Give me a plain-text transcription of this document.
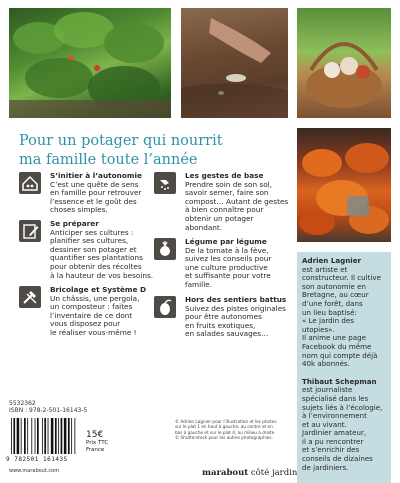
Pour un potager qui nourrit
ma famille toute l’année
S’initier à l’autonomie
C’est une quête de sens
en famille pour retrouver
l’essence et le goût des
choses simples.
Se préparer
Anticiper ses cultures :
planifier ses cultures,
dessiner son potager et
quantifier ses plantations
pour obtenir des récoltes
à la hauteur de vos besoins.
Bricolage et Système D
Un châssis, une pergola,
un composteur : faites
l’inventaire de ce dont
vous disposez pour
le réaliser vous-même !
Les gestes de base
Prendre soin de son sol,
savoir semer, faire son
compost… Autant de gestes
à bien connaître pour
obtenir un potager
abondant.
Légume par légume
De la tomate à la fève,
suivez les conseils pour
une culture productive
et suffisante pour votre
famille.
Hors des sentiers battus
Suivez des pistes originales
pour être autonomes
en fruits exotiques,
en salades sauvages…

Adrien Lagnier
est artiste et
constructeur. Il cultive
son autonomie en
Bretagne, au cœur
d’une forêt, dans
un lieu baptisé:
« Le jardin des utopies».
Il anime une page
Facebook du même
nom qui compte déjà
40k abonnés.

Thibaut Schepman
est journaliste
spécialisé dans les
sujets liés à l’écologie,
à l’environnement
et au vivant.
Jardinier amateur,
il a pu rencontrer
et s’enrichir des
conseils de dizaines
de jardiniers.

5532362
ISBN : 978-2-501-16143-5
9 782501 161435
15€
Prix TTC
France
© Adrien Lagnier pour l’illustration et les photos
sur le plat 1 en haut à gauche, au centre et en
bas à gauche et sur le plat 4, au milieu à droite.
© Shutterstock pour les autres photographies.
www.marabout.com	marabout côté jardin
